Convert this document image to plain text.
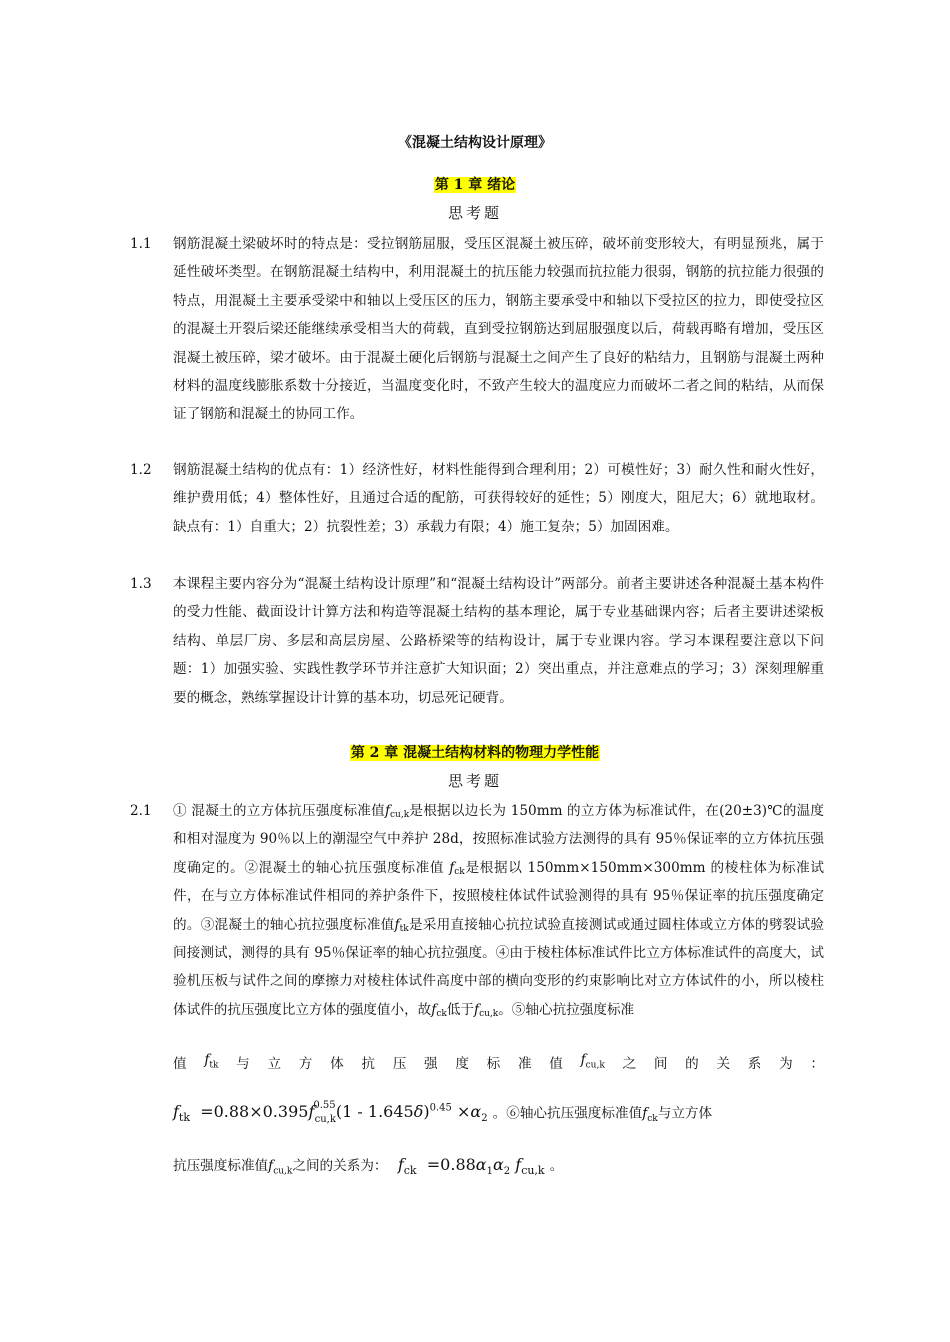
《混凝土结构设计原理》
第 1 章 绪论
思考题
1.1	钢筋混凝土梁破坏时的特点是：受拉钢筋屈服，受压区混凝土被压碎，破坏前变形较大，有明显预兆，属于延性破坏类型。在钢筋混凝土结构中，利用混凝土的抗压能力较强而抗拉能力很弱，钢筋的抗拉能力很强的特点，用混凝土主要承受梁中和轴以上受压区的压力，钢筋主要承受中和轴以下受拉区的拉力，即使受拉区的混凝土开裂后梁还能继续承受相当大的荷载，直到受拉钢筋达到屈服强度以后，荷载再略有增加，受压区混凝土被压碎，梁才破坏。由于混凝土硬化后钢筋与混凝土之间产生了良好的粘结力，且钢筋与混凝土两种材料的温度线膨胀系数十分接近，当温度变化时，不致产生较大的温度应力而破坏二者之间的粘结，从而保证了钢筋和混凝土的协同工作。
1.2	钢筋混凝土结构的优点有：1）经济性好，材料性能得到合理利用；2）可模性好；3）耐久性和耐火性好，维护费用低；4）整体性好，且通过合适的配筋，可获得较好的延性；5）刚度大，阻尼大；6）就地取材。缺点有：1）自重大；2）抗裂性差；3）承载力有限；4）施工复杂；5）加固困难。
1.3	本课程主要内容分为“混凝土结构设计原理”和“混凝土结构设计”两部分。前者主要讲述各种混凝土基本构件的受力性能、截面设计计算方法和构造等混凝土结构的基本理论，属于专业基础课内容；后者主要讲述梁板结构、单层厂房、多层和高层房屋、公路桥梁等的结构设计，属于专业课内容。学习本课程要注意以下问题：1）加强实验、实践性教学环节并注意扩大知识面；2）突出重点，并注意难点的学习；3）深刻理解重要的概念，熟练掌握设计计算的基本功，切忌死记硬背。
第 2 章 混凝土结构材料的物理力学性能
思考题
2.1	① 混凝土的立方体抗压强度标准值$f_{cu,k}$是根据以边长为 150mm 的立方体为标准试件，在(20±3)℃的温度和相对湿度为 90％以上的潮湿空气中养护 28d，按照标准试验方法测得的具有 95％保证率的立方体抗压强度确定的。②混凝土的轴心抗压强度标准值 $f_{ck}$是根据以 150mm×150mm×300mm 的棱柱体为标准试件，在与立方体标准试件相同的养护条件下，按照棱柱体试件试验测得的具有 95％保证率的抗压强度确定的。③混凝土的轴心抗拉强度标准值$f_{tk}$是采用直接轴心抗拉试验直接测试或通过圆柱体或立方体的劈裂试验间接测试，测得的具有 95％保证率的轴心抗拉强度。④由于棱柱体标准试件比立方体标准试件的高度大，试验机压板与试件之间的摩擦力对棱柱体试件高度中部的横向变形的约束影响比对立方体试件的小，所以棱柱体试件的抗压强度比立方体的强度值小，故$f_{ck}$低于$f_{cu,k}$。⑤轴心抗拉强度标准
值 $f_{tk}$ 与 立 方 体 抗 压 强 度 标 准 值 $f_{cu,k}$ 之 间 的 关 系 为 ：
$f_{tk} =0.88\times 0.395f^{0.55}_{cu,k}(1 - 1.645\delta)^{0.45} \times\alpha_2$ 。⑥轴心抗压强度标准值$f_{ck}$与立方体
抗压强度标准值$f_{cu,k}$之间的关系为： $f_{ck} =0.88\alpha_1\alpha_2$ $f_{cu,k}$ 。
